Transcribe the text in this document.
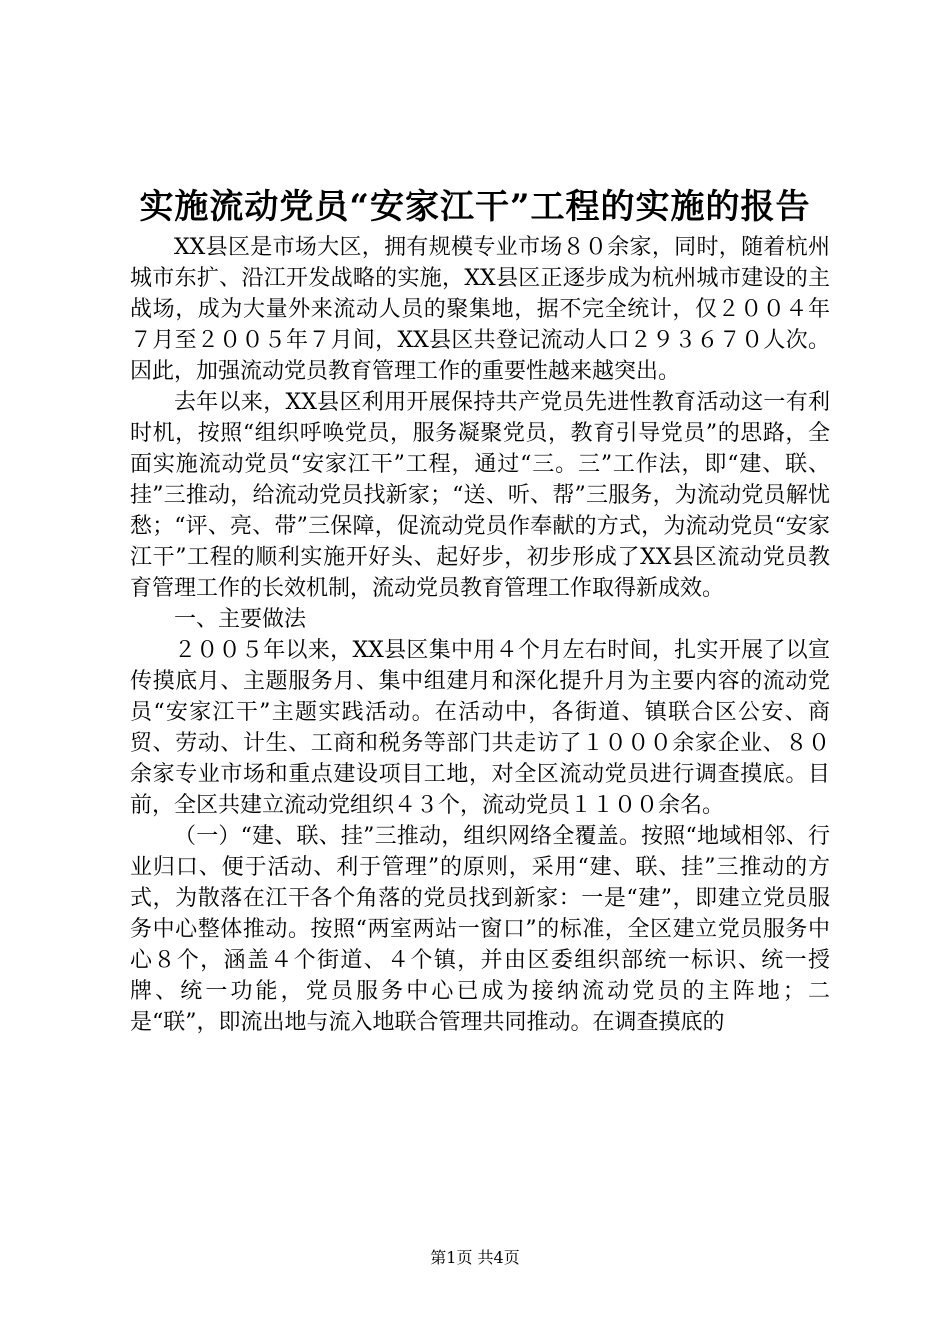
实施流动党员“安家江干”工程的实施的报告

XX县区是市场大区，拥有规模专业市场８０余家，同时，随着杭州城市东扩、沿江开发战略的实施，XX县区正逐步成为杭州城市建设的主战场，成为大量外来流动人员的聚集地，据不完全统计，仅２００４年７月至２００５年７月间，XX县区共登记流动人口２９３６７０人次。因此，加强流动党员教育管理工作的重要性越来越突出。

去年以来，XX县区利用开展保持共产党员先进性教育活动这一有利时机，按照“组织呼唤党员，服务凝聚党员，教育引导党员”的思路，全面实施流动党员“安家江干”工程，通过“三。三”工作法，即“建、联、挂”三推动，给流动党员找新家；“送、听、帮”三服务，为流动党员解忧愁；“评、亮、带”三保障，促流动党员作奉献的方式，为流动党员“安家江干”工程的顺利实施开好头、起好步，初步形成了XX县区流动党员教育管理工作的长效机制，流动党员教育管理工作取得新成效。

一、主要做法

２００５年以来，XX县区集中用４个月左右时间，扎实开展了以宣传摸底月、主题服务月、集中组建月和深化提升月为主要内容的流动党员“安家江干”主题实践活动。在活动中，各街道、镇联合区公安、商贸、劳动、计生、工商和税务等部门共走访了１０００余家企业、８０余家专业市场和重点建设项目工地，对全区流动党员进行调查摸底。目前，全区共建立流动党组织４３个，流动党员１１００余名。

（一）“建、联、挂”三推动，组织网络全覆盖。按照“地域相邻、行业归口、便于活动、利于管理”的原则，采用“建、联、挂”三推动的方式，为散落在江干各个角落的党员找到新家：一是“建”，即建立党员服务中心整体推动。按照“两室两站一窗口”的标准，全区建立党员服务中心８个，涵盖４个街道、４个镇，并由区委组织部统一标识、统一授牌、统一功能，党员服务中心已成为接纳流动党员的主阵地；二是“联”，即流出地与流入地联合管理共同推动。在调查摸底的

第1页 共4页
